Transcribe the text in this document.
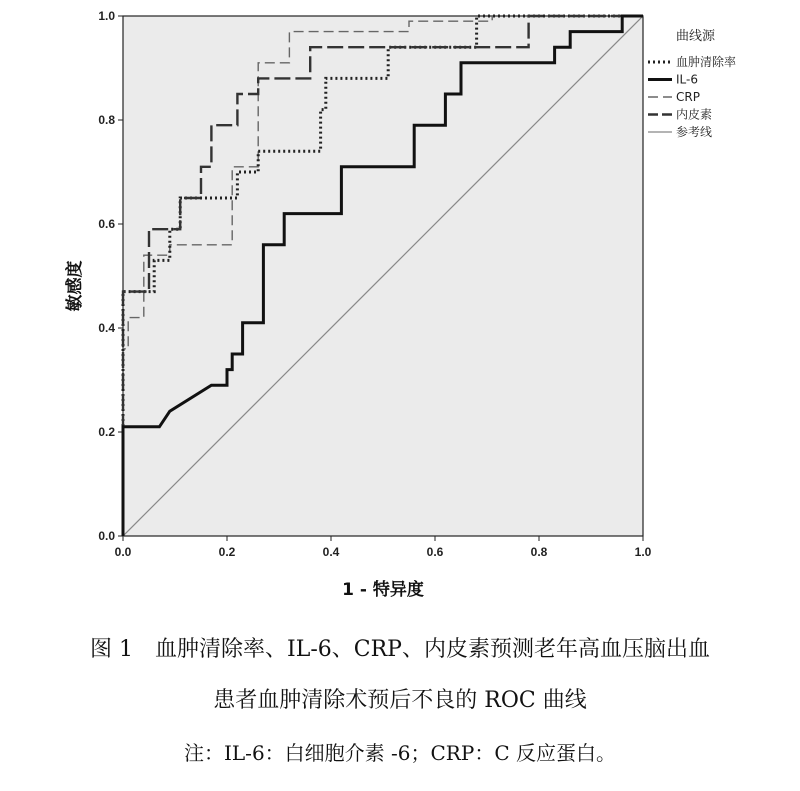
0.0	0.2	0.4	0.6	0.8	1.0
0.0
0.2
0.4
0.6
0.8
1.0
1 - 特异度
敏感度
曲线源
血肿清除率
IL-6
CRP
内皮素
参考线
图 1　血肿清除率、IL-6、CRP、内皮素预测老年高血压脑出血
患者血肿清除术预后不良的 ROC 曲线
注：IL-6：白细胞介素 -6；CRP：C 反应蛋白。
